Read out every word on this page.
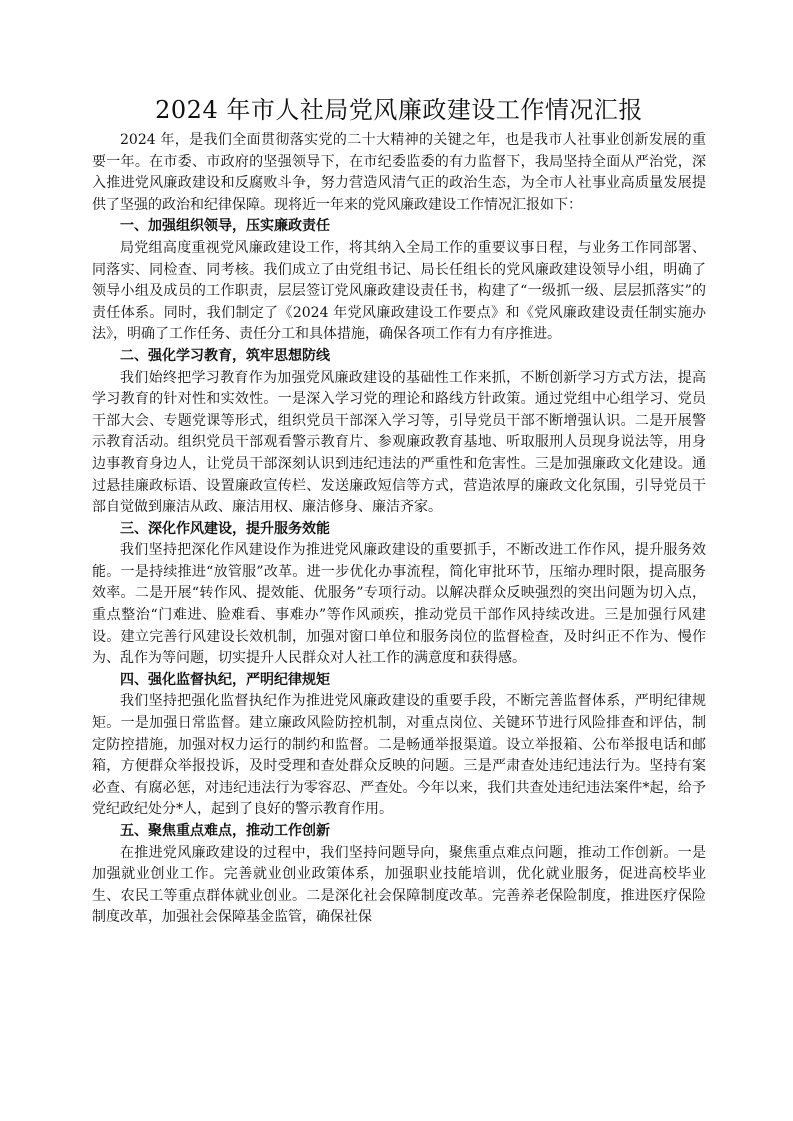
2024 年市人社局党风廉政建设工作情况汇报

2024 年，是我们全面贯彻落实党的二十大精神的关键之年，也是我市人社事业创新发展的重要一年。在市委、市政府的坚强领导下，在市纪委监委的有力监督下，我局坚持全面从严治党，深入推进党风廉政建设和反腐败斗争，努力营造风清气正的政治生态，为全市人社事业高质量发展提供了坚强的政治和纪律保障。现将近一年来的党风廉政建设工作情况汇报如下：

一、加强组织领导，压实廉政责任

局党组高度重视党风廉政建设工作，将其纳入全局工作的重要议事日程，与业务工作同部署、同落实、同检查、同考核。我们成立了由党组书记、局长任组长的党风廉政建设领导小组，明确了领导小组及成员的工作职责，层层签订党风廉政建设责任书，构建了“一级抓一级、层层抓落实”的责任体系。同时，我们制定了《2024 年党风廉政建设工作要点》和《党风廉政建设责任制实施办法》，明确了工作任务、责任分工和具体措施，确保各项工作有力有序推进。

二、强化学习教育，筑牢思想防线

我们始终把学习教育作为加强党风廉政建设的基础性工作来抓，不断创新学习方式方法，提高学习教育的针对性和实效性。一是深入学习党的理论和路线方针政策。通过党组中心组学习、党员干部大会、专题党课等形式，组织党员干部深入学习等，引导党员干部不断增强认识。二是开展警示教育活动。组织党员干部观看警示教育片、参观廉政教育基地、听取服刑人员现身说法等，用身边事教育身边人，让党员干部深刻认识到违纪违法的严重性和危害性。三是加强廉政文化建设。通过悬挂廉政标语、设置廉政宣传栏、发送廉政短信等方式，营造浓厚的廉政文化氛围，引导党员干部自觉做到廉洁从政、廉洁用权、廉洁修身、廉洁齐家。

三、深化作风建设，提升服务效能

我们坚持把深化作风建设作为推进党风廉政建设的重要抓手，不断改进工作作风，提升服务效能。一是持续推进“放管服”改革。进一步优化办事流程，简化审批环节，压缩办理时限，提高服务效率。二是开展“转作风、提效能、优服务”专项行动。以解决群众反映强烈的突出问题为切入点，重点整治“门难进、脸难看、事难办”等作风顽疾，推动党员干部作风持续改进。三是加强行风建设。建立完善行风建设长效机制，加强对窗口单位和服务岗位的监督检查，及时纠正不作为、慢作为、乱作为等问题，切实提升人民群众对人社工作的满意度和获得感。

四、强化监督执纪，严明纪律规矩

我们坚持把强化监督执纪作为推进党风廉政建设的重要手段，不断完善监督体系，严明纪律规矩。一是加强日常监督。建立廉政风险防控机制，对重点岗位、关键环节进行风险排查和评估，制定防控措施，加强对权力运行的制约和监督。二是畅通举报渠道。设立举报箱、公布举报电话和邮箱，方便群众举报投诉，及时受理和查处群众反映的问题。三是严肃查处违纪违法行为。坚持有案必查、有腐必惩，对违纪违法行为零容忍、严查处。今年以来，我们共查处违纪违法案件*起，给予党纪政纪处分*人，起到了良好的警示教育作用。

五、聚焦重点难点，推动工作创新

在推进党风廉政建设的过程中，我们坚持问题导向，聚焦重点难点问题，推动工作创新。一是加强就业创业工作。完善就业创业政策体系，加强职业技能培训，优化就业服务，促进高校毕业生、农民工等重点群体就业创业。二是深化社会保障制度改革。完善养老保险制度，推进医疗保险制度改革，加强社会保障基金监管，确保社保
